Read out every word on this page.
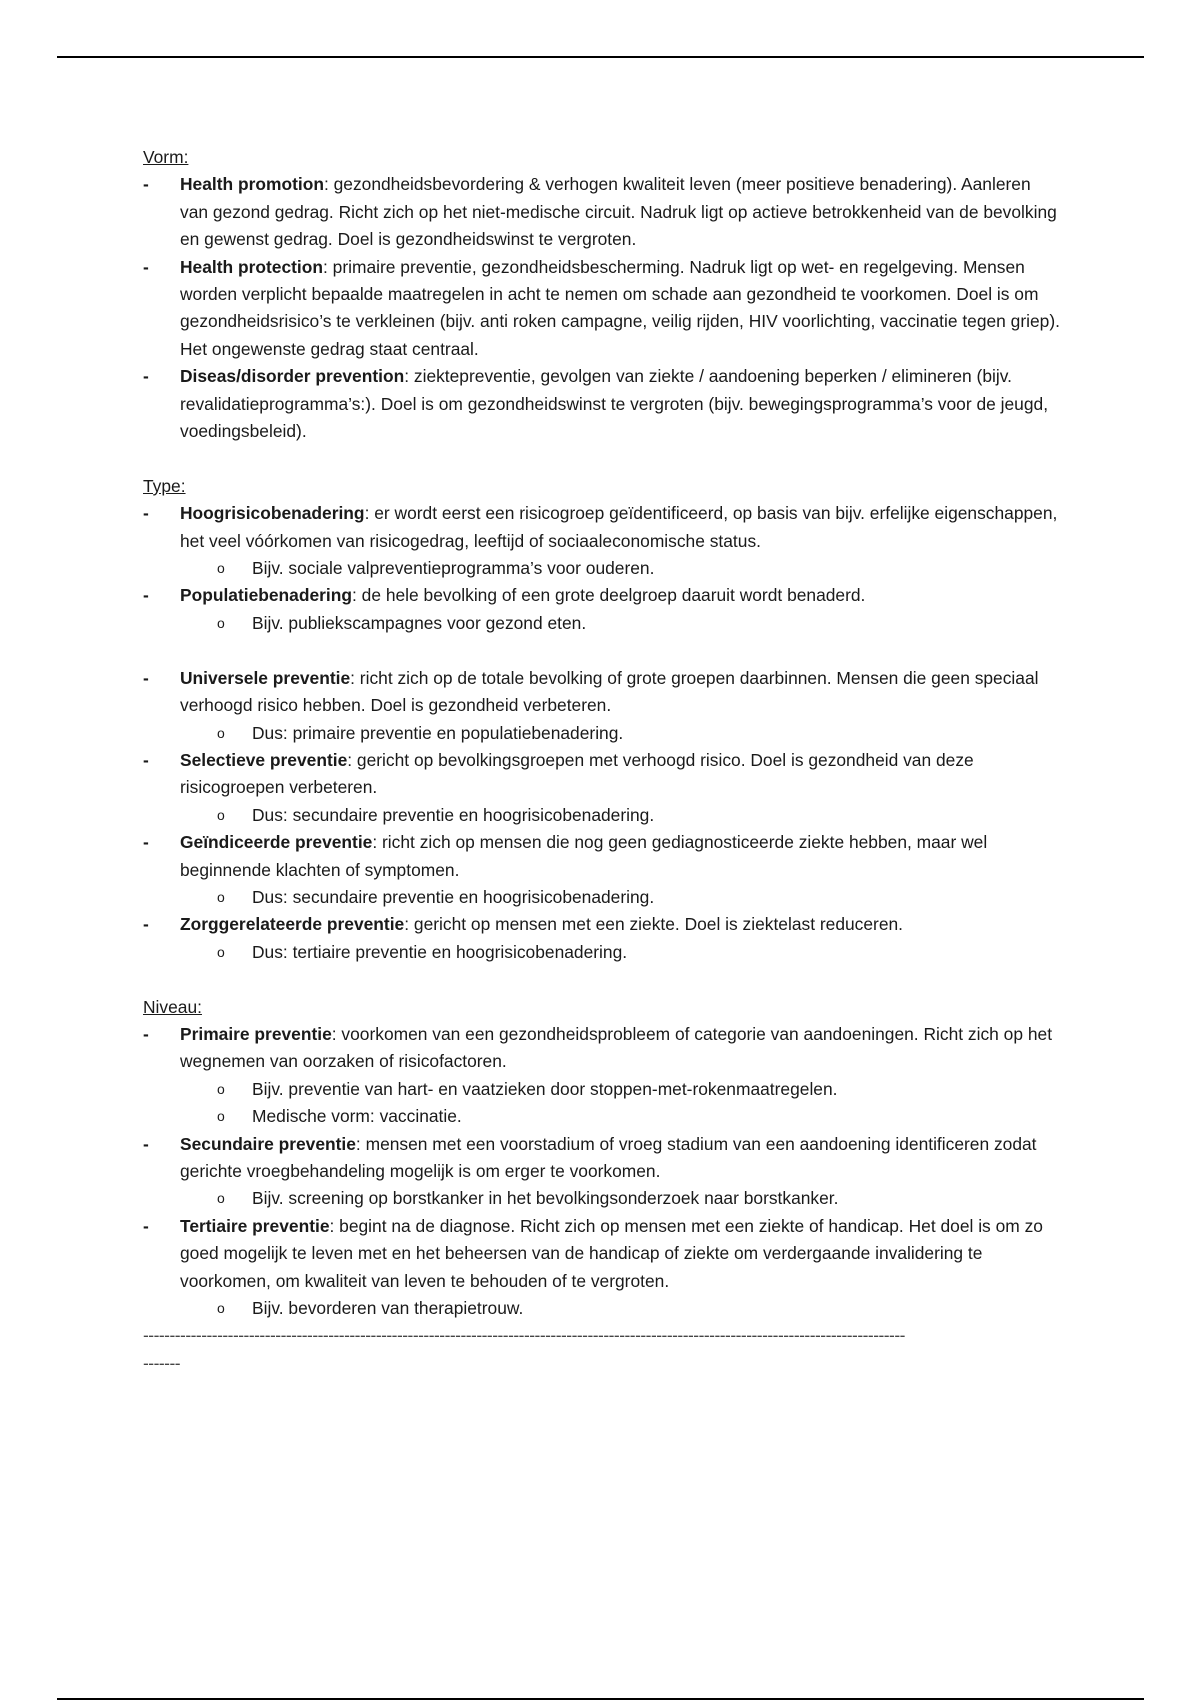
Vorm:
- Health promotion: gezondheidsbevordering & verhogen kwaliteit leven (meer positieve benadering). Aanleren van gezond gedrag. Richt zich op het niet-medische circuit. Nadruk ligt op actieve betrokkenheid van de bevolking en gewenst gedrag. Doel is gezondheidswinst te vergroten.
- Health protection: primaire preventie, gezondheidsbescherming. Nadruk ligt op wet- en regelgeving. Mensen worden verplicht bepaalde maatregelen in acht te nemen om schade aan gezondheid te voorkomen. Doel is om gezondheidsrisico’s te verkleinen (bijv. anti roken campagne, veilig rijden, HIV voorlichting, vaccinatie tegen griep). Het ongewenste gedrag staat centraal.
- Diseas/disorder prevention: ziektepreventie, gevolgen van ziekte / aandoening beperken / elimineren (bijv. revalidatieprogramma’s:). Doel is om gezondheidswinst te vergroten (bijv. bewegingsprogramma’s voor de jeugd, voedingsbeleid).
Type:
- Hoogrisicobenadering: er wordt eerst een risicogroep geïdentificeerd, op basis van bijv. erfelijke eigenschappen, het veel vóórkomen van risicogedrag, leeftijd of sociaaleconomische status.
o Bijv. sociale valpreventieprogramma’s voor ouderen.
- Populatiebenadering: de hele bevolking of een grote deelgroep daaruit wordt benaderd.
o Bijv. publiekscampagnes voor gezond eten.
- Universele preventie: richt zich op de totale bevolking of grote groepen daarbinnen. Mensen die geen speciaal verhoogd risico hebben. Doel is gezondheid verbeteren.
o Dus: primaire preventie en populatiebenadering.
- Selectieve preventie: gericht op bevolkingsgroepen met verhoogd risico. Doel is gezondheid van deze risicogroepen verbeteren.
o Dus: secundaire preventie en hoogrisicobenadering.
- Geïndiceerde preventie: richt zich op mensen die nog geen gediagnosticeerde ziekte hebben, maar wel beginnende klachten of symptomen.
o Dus: secundaire preventie en hoogrisicobenadering.
- Zorggerelateerde preventie: gericht op mensen met een ziekte. Doel is ziektelast reduceren.
o Dus: tertiaire preventie en hoogrisicobenadering.
Niveau:
- Primaire preventie: voorkomen van een gezondheidsprobleem of categorie van aandoeningen. Richt zich op het wegnemen van oorzaken of risicofactoren.
o Bijv. preventie van hart- en vaatzieken door stoppen-met-rokenmaatregelen.
o Medische vorm: vaccinatie.
- Secundaire preventie: mensen met een voorstadium of vroeg stadium van een aandoening identificeren zodat gerichte vroegbehandeling mogelijk is om erger te voorkomen.
o Bijv. screening op borstkanker in het bevolkingsonderzoek naar borstkanker.
- Tertiaire preventie: begint na de diagnose. Richt zich op mensen met een ziekte of handicap. Het doel is om zo goed mogelijk te leven met en het beheersen van de handicap of ziekte om verdergaande invalidering te voorkomen, om kwaliteit van leven te behouden of te vergroten.
o Bijv. bevorderen van therapietrouw.
------------------------------------------------------------------------------------------------------------------------------------------------
-------
